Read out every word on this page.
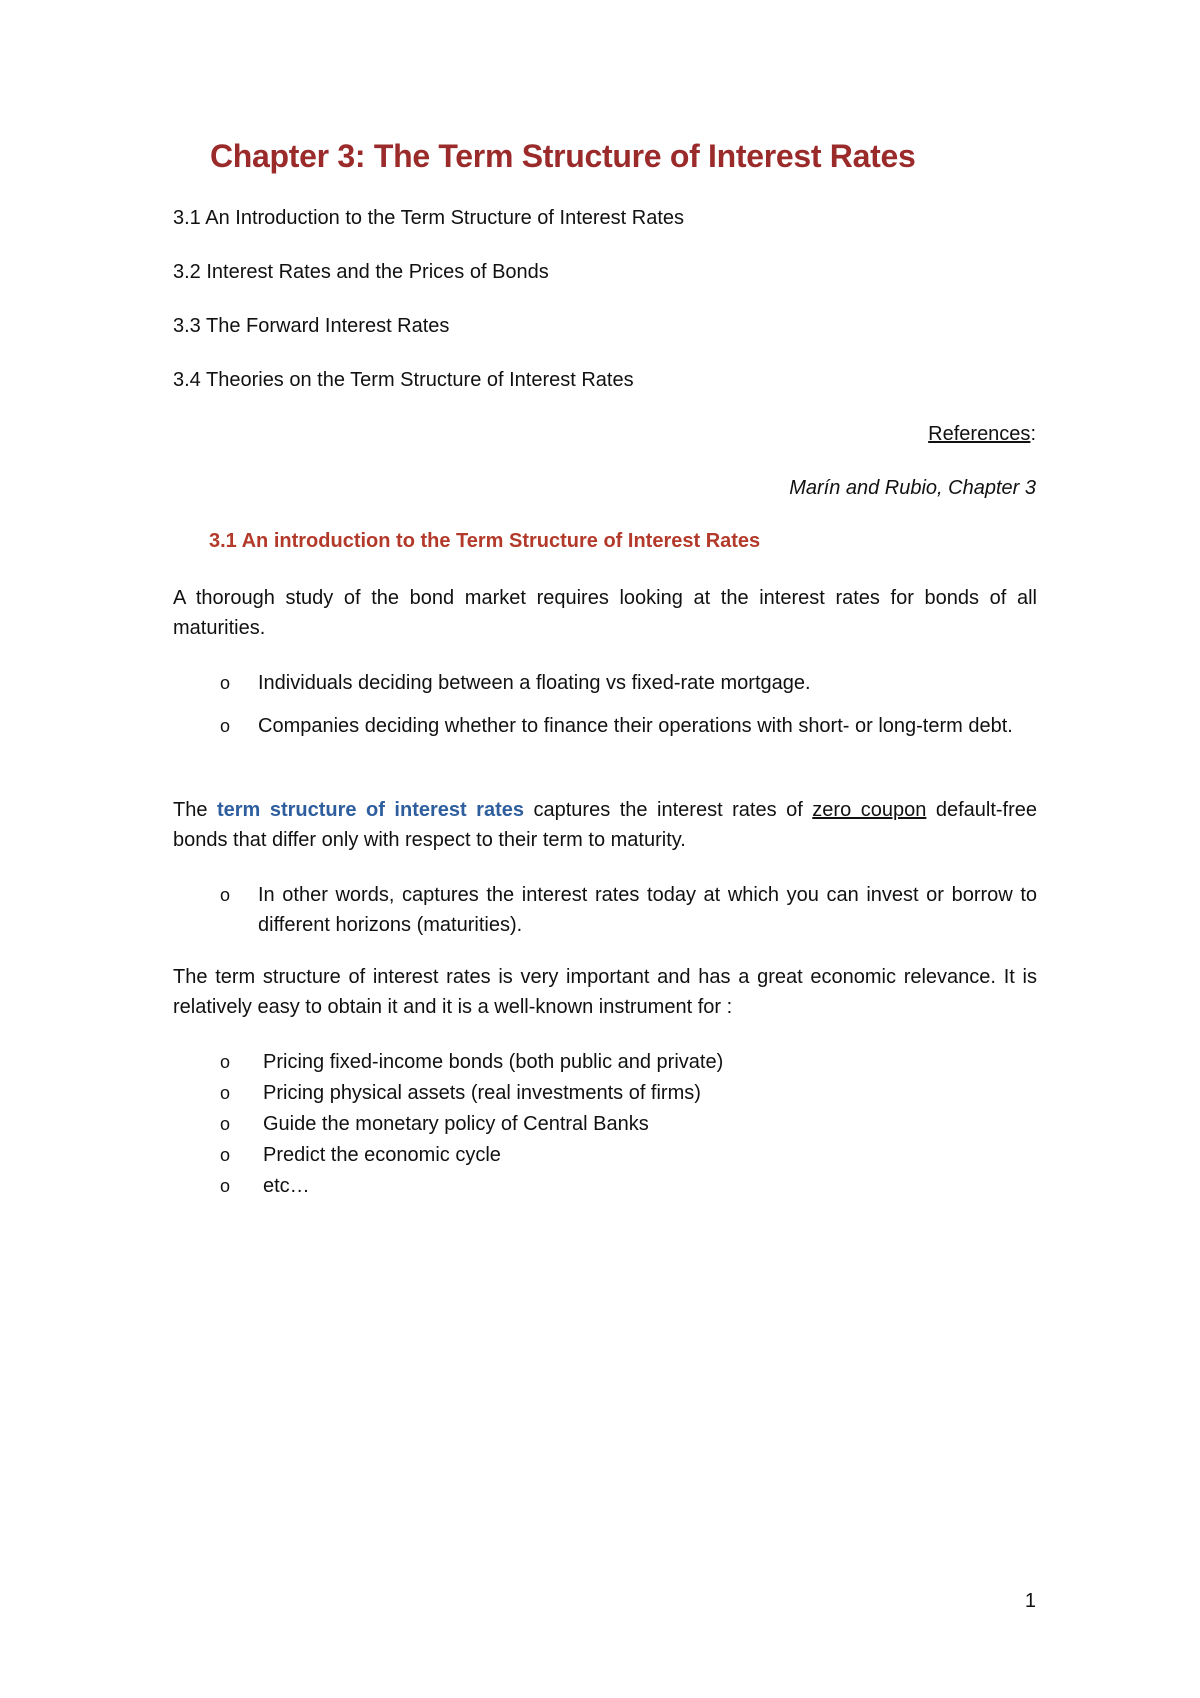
Chapter 3: The Term Structure of Interest Rates
3.1 An Introduction to the Term Structure of Interest Rates
3.2 Interest Rates and the Prices of Bonds
3.3 The Forward Interest Rates
3.4 Theories on the Term Structure of Interest Rates
References:
Marín and Rubio, Chapter 3
3.1 An introduction to the Term Structure of Interest Rates

A thorough study of the bond market requires looking at the interest rates for bonds of all maturities.

o Individuals deciding between a floating vs fixed-rate mortgage.
o Companies deciding whether to finance their operations with short- or long-term debt.

The term structure of interest rates captures the interest rates of zero coupon default-free bonds that differ only with respect to their term to maturity.

o In other words, captures the interest rates today at which you can invest or borrow to different horizons (maturities).

The term structure of interest rates is very important and has a great economic relevance. It is relatively easy to obtain it and it is a well-known instrument for :

o Pricing fixed-income bonds (both public and private)
o Pricing physical assets (real investments of firms)
o Guide the monetary policy of Central Banks
o Predict the economic cycle
o etc…
1
